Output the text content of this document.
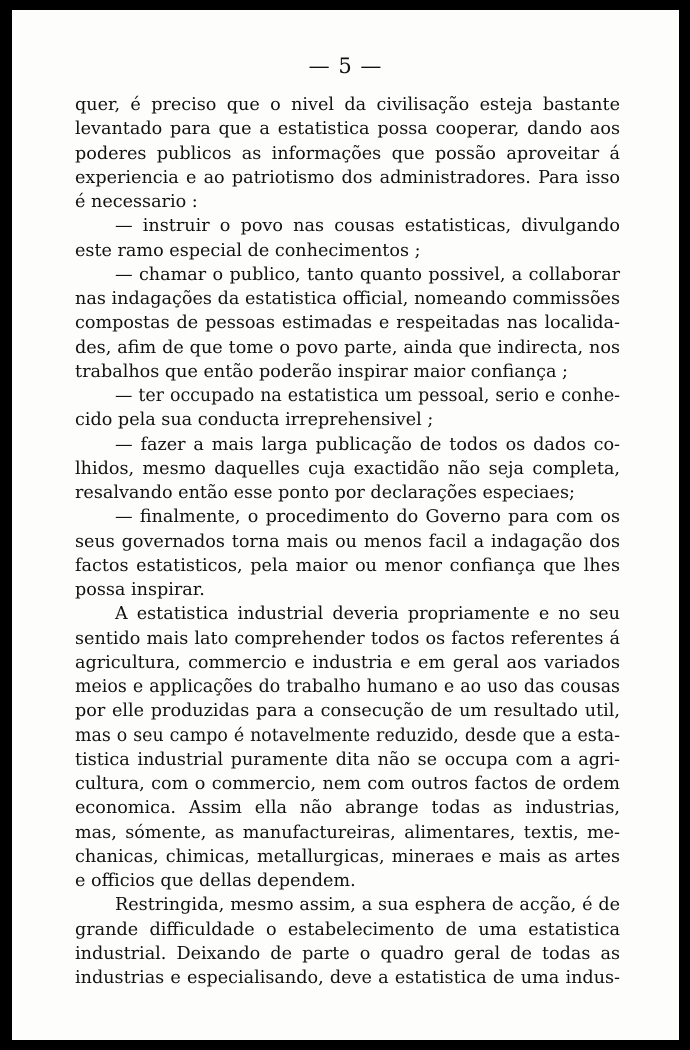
— 5 —
quer, é preciso que o nivel da civilisação esteja bastante
levantado para que a estatistica possa cooperar, dando aos
poderes publicos as informações que possão aproveitar á
experiencia e ao patriotismo dos administradores. Para isso
é necessario :
— instruir o povo nas cousas estatisticas, divulgando
este ramo especial de conhecimentos ;
— chamar o publico, tanto quanto possivel, a collaborar
nas indagações da estatistica official, nomeando commissões
compostas de pessoas estimadas e respeitadas nas localida-
des, afim de que tome o povo parte, ainda que indirecta, nos
trabalhos que então poderão inspirar maior confiança ;
— ter occupado na estatistica um pessoal, serio e conhe-
cido pela sua conducta irreprehensivel ;
— fazer a mais larga publicação de todos os dados co-
lhidos, mesmo daquelles cuja exactidão não seja completa,
resalvando então esse ponto por declarações especiaes;
— finalmente, o procedimento do Governo para com os
seus governados torna mais ou menos facil a indagação dos
factos estatisticos, pela maior ou menor confiança que lhes
possa inspirar.
A estatistica industrial deveria propriamente e no seu
sentido mais lato comprehender todos os factos referentes á
agricultura, commercio e industria e em geral aos variados
meios e applicações do trabalho humano e ao uso das cousas
por elle produzidas para a consecução de um resultado util,
mas o seu campo é notavelmente reduzido, desde que a esta-
tistica industrial puramente dita não se occupa com a agri-
cultura, com o commercio, nem com outros factos de ordem
economica. Assim ella não abrange todas as industrias,
mas, sómente, as manufactureiras, alimentares, textis, me-
chanicas, chimicas, metallurgicas, mineraes e mais as artes
e officios que dellas dependem.
Restringida, mesmo assim, a sua esphera de acção, é de
grande difficuldade o estabelecimento de uma estatistica
industrial. Deixando de parte o quadro geral de todas as
industrias e especialisando, deve a estatistica de uma indus-
